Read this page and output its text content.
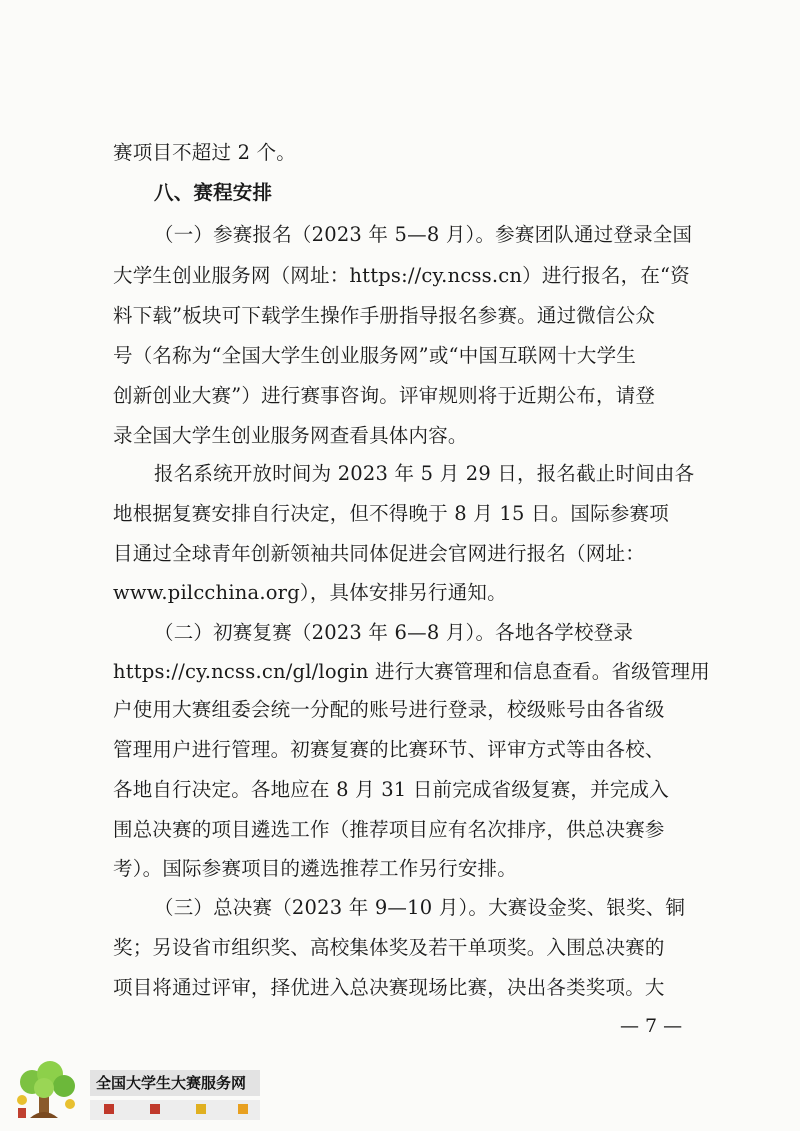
赛项目不超过 2 个。
八、赛程安排
（一）参赛报名（2023 年 5—8 月）。参赛团队通过登录全国
大学生创业服务网（网址：https://cy.ncss.cn）进行报名，在“资
料下载”板块可下载学生操作手册指导报名参赛。通过微信公众
号（名称为“全国大学生创业服务网”或“中国互联网十大学生
创新创业大赛”）进行赛事咨询。评审规则将于近期公布，请登
录全国大学生创业服务网查看具体内容。
报名系统开放时间为 2023 年 5 月 29 日，报名截止时间由各
地根据复赛安排自行决定，但不得晚于 8 月 15 日。国际参赛项
目通过全球青年创新领袖共同体促进会官网进行报名（网址：
www.pilcchina.org），具体安排另行通知。
（二）初赛复赛（2023 年 6—8 月）。各地各学校登录
https://cy.ncss.cn/gl/login 进行大赛管理和信息查看。省级管理用
户使用大赛组委会统一分配的账号进行登录，校级账号由各省级
管理用户进行管理。初赛复赛的比赛环节、评审方式等由各校、
各地自行决定。各地应在 8 月 31 日前完成省级复赛，并完成入
围总决赛的项目遴选工作（推荐项目应有名次排序，供总决赛参
考）。国际参赛项目的遴选推荐工作另行安排。
（三）总决赛（2023 年 9—10 月）。大赛设金奖、银奖、铜
奖；另设省市组织奖、高校集体奖及若干单项奖。入围总决赛的
项目将通过评审，择优进入总决赛现场比赛，决出各类奖项。大
— 7 —
全国大学生大赛服务网
